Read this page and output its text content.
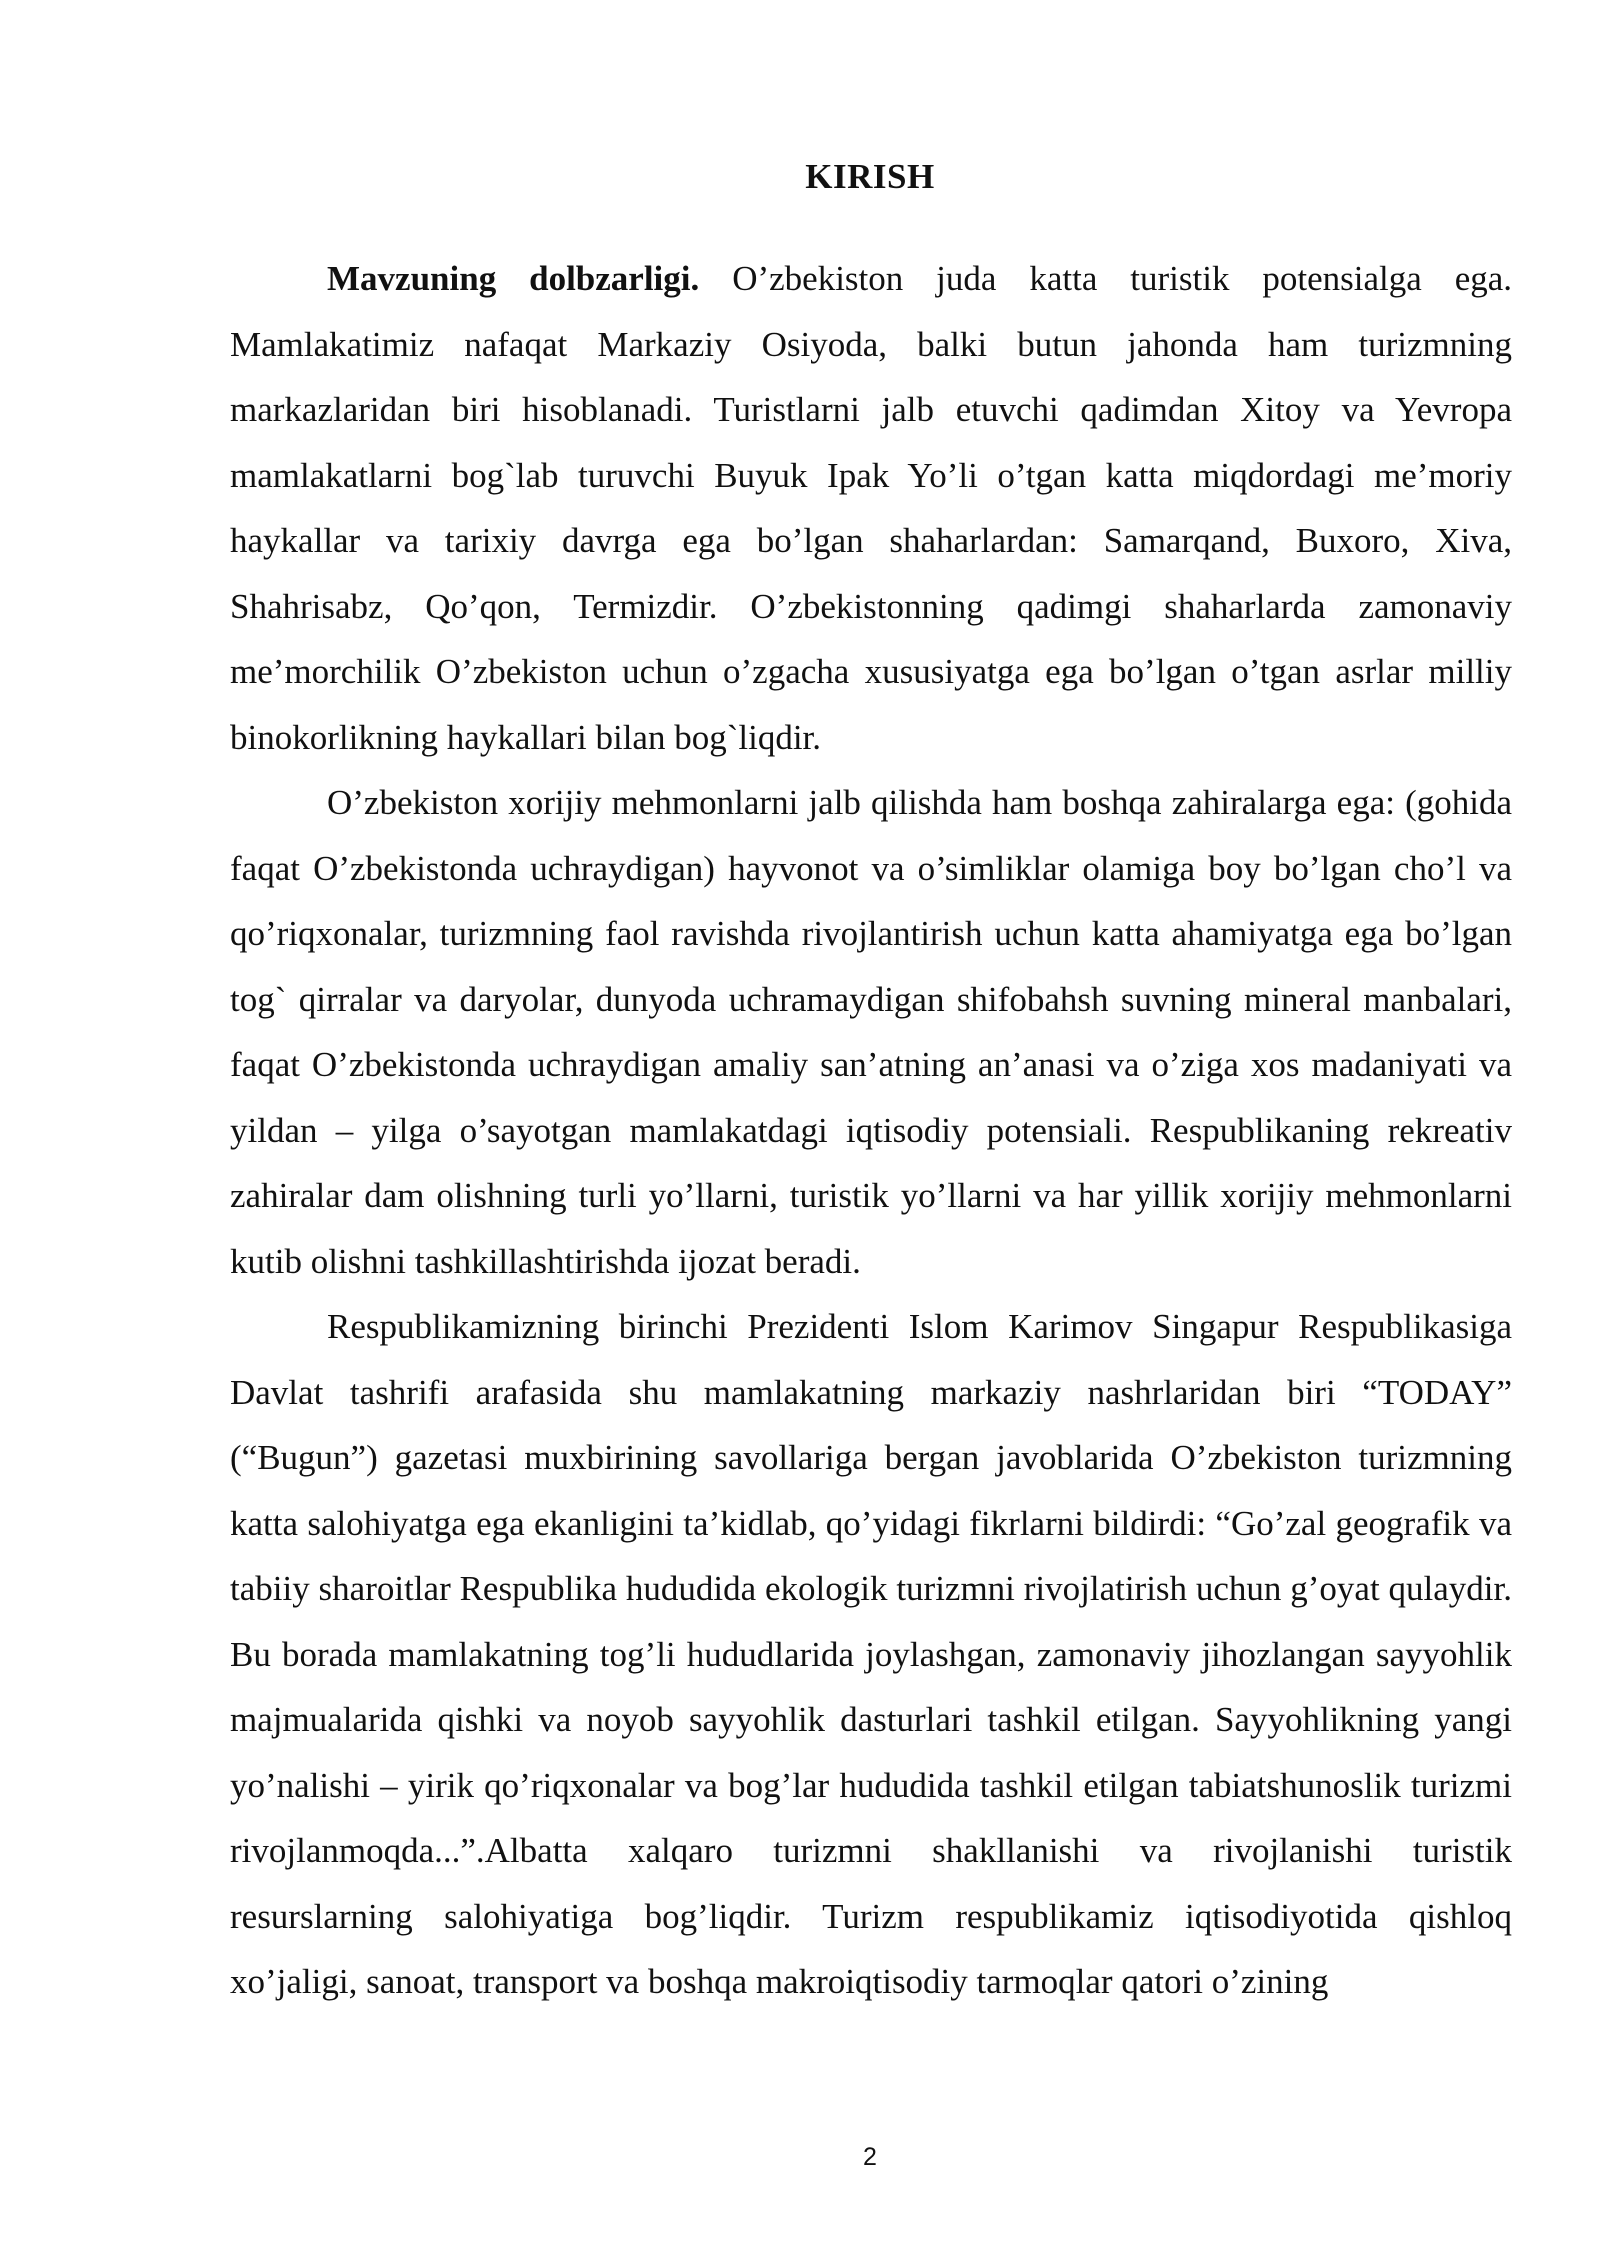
KIRISH

Mavzuning dolbzarligi. O’zbekiston juda katta turistik potensialga ega. Mamlakatimiz nafaqat Markaziy Osiyoda, balki butun jahonda ham turizmning markazlaridan biri hisoblanadi. Turistlarni jalb etuvchi qadimdan Xitoy va Yevropa mamlakatlarni bog`lab turuvchi Buyuk Ipak Yo’li o’tgan katta miqdordagi me’moriy haykallar va tarixiy davrga ega bo’lgan shaharlardan: Samarqand, Buxoro, Xiva, Shahrisabz, Qo’qon, Termizdir. O’zbekistonning qadimgi shaharlarda zamonaviy me’morchilik O’zbekiston uchun o’zgacha xususiyatga ega bo’lgan o’tgan asrlar milliy binokorlikning haykallari bilan bog`liqdir.

O’zbekiston xorijiy mehmonlarni jalb qilishda ham boshqa zahiralarga ega: (gohida faqat O’zbekistonda uchraydigan) hayvonot va o’simliklar olamiga boy bo’lgan cho’l va qo’riqxonalar, turizmning faol ravishda rivojlantirish uchun katta ahamiyatga ega bo’lgan tog` qirralar va daryolar, dunyoda uchramaydigan shifobahsh suvning mineral manbalari, faqat O’zbekistonda uchraydigan amaliy san’atning an’anasi va o’ziga xos madaniyati va yildan – yilga o’sayotgan mamlakatdagi iqtisodiy potensiali. Respublikaning rekreativ zahiralar dam olishning turli yo’llarni, turistik yo’llarni va har yillik xorijiy mehmonlarni kutib olishni tashkillashtirishda ijozat beradi.

Respublikamizning birinchi Prezidenti Islom Karimov Singapur Respublikasiga Davlat tashrifi arafasida shu mamlakatning markaziy nashrlaridan biri “TODAY” (“Bugun”) gazetasi muxbirining savollariga bergan javoblarida O’zbekiston turizmning katta salohiyatga ega ekanligini ta’kidlab, qo’yidagi fikrlarni bildirdi: “Go’zal geografik va tabiiy sharoitlar Respublika hududida ekologik turizmni rivojlatirish uchun g’oyat qulaydir. Bu borada mamlakatning tog’li hududlarida joylashgan, zamonaviy jihozlangan sayyohlik majmualarida qishki va noyob sayyohlik dasturlari tashkil etilgan. Sayyohlikning yangi yo’nalishi – yirik qo’riqxonalar va bog’lar hududida tashkil etilgan tabiatshunoslik turizmi rivojlanmoqda...”.Albatta xalqaro turizmni shakllanishi va rivojlanishi turistik resurslarning salohiyatiga bog’liqdir. Turizm respublikamiz iqtisodiyotida qishloq xo’jaligi, sanoat, transport va boshqa makroiqtisodiy tarmoqlar qatori o’zining

2
